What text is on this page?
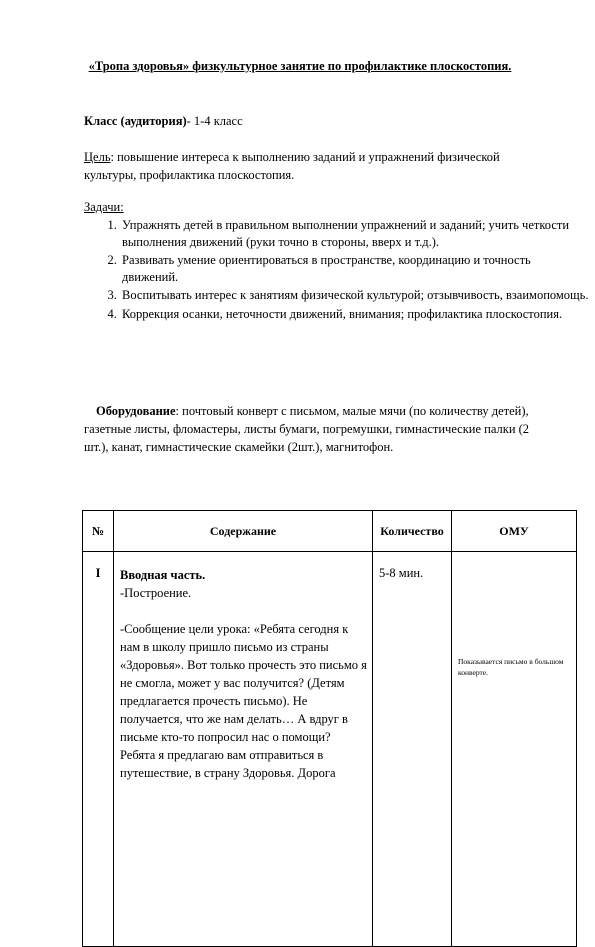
«Тропа здоровья» физкультурное занятие по профилактике плоскостопия.
Класс (аудитория)- 1-4 класс
Цель: повышение интереса к выполнению заданий и упражнений физической культуры, профилактика плоскостопия.
Задачи:
1. Упражнять детей в правильном выполнении упражнений и заданий; учить четкости выполнения движений (руки точно в стороны, вверх и т.д.).
2. Развивать умение ориентироваться в пространстве, координацию и точность движений.
3. Воспитывать интерес к занятиям физической культурой; отзывчивость, взаимопомощь.
4. Коррекция осанки, неточности движений, внимания; профилактика плоскостопия.
Оборудование: почтовый конверт с письмом, малые мячи (по количеству детей), газетные листы, фломастеры, листы бумаги, погремушки, гимнастические палки (2 шт.), канат, гимнастические скамейки (2шт.), магнитофон.
№	Содержание	Количество	ОМУ
I	Вводная часть.
-Построение.
-Сообщение цели урока: «Ребята сегодня к нам в школу пришло письмо из страны «Здоровья». Вот только прочесть это письмо я не смогла, может у вас получится? (Детям предлагается прочесть письмо). Не получается, что же нам делать… А вдруг в письме кто-то попросил нас о помощи? Ребята я предлагаю вам отправиться в путешествие, в страну Здоровья. Дорога	5-8 мин.	Показывается письмо в большом конверте.
